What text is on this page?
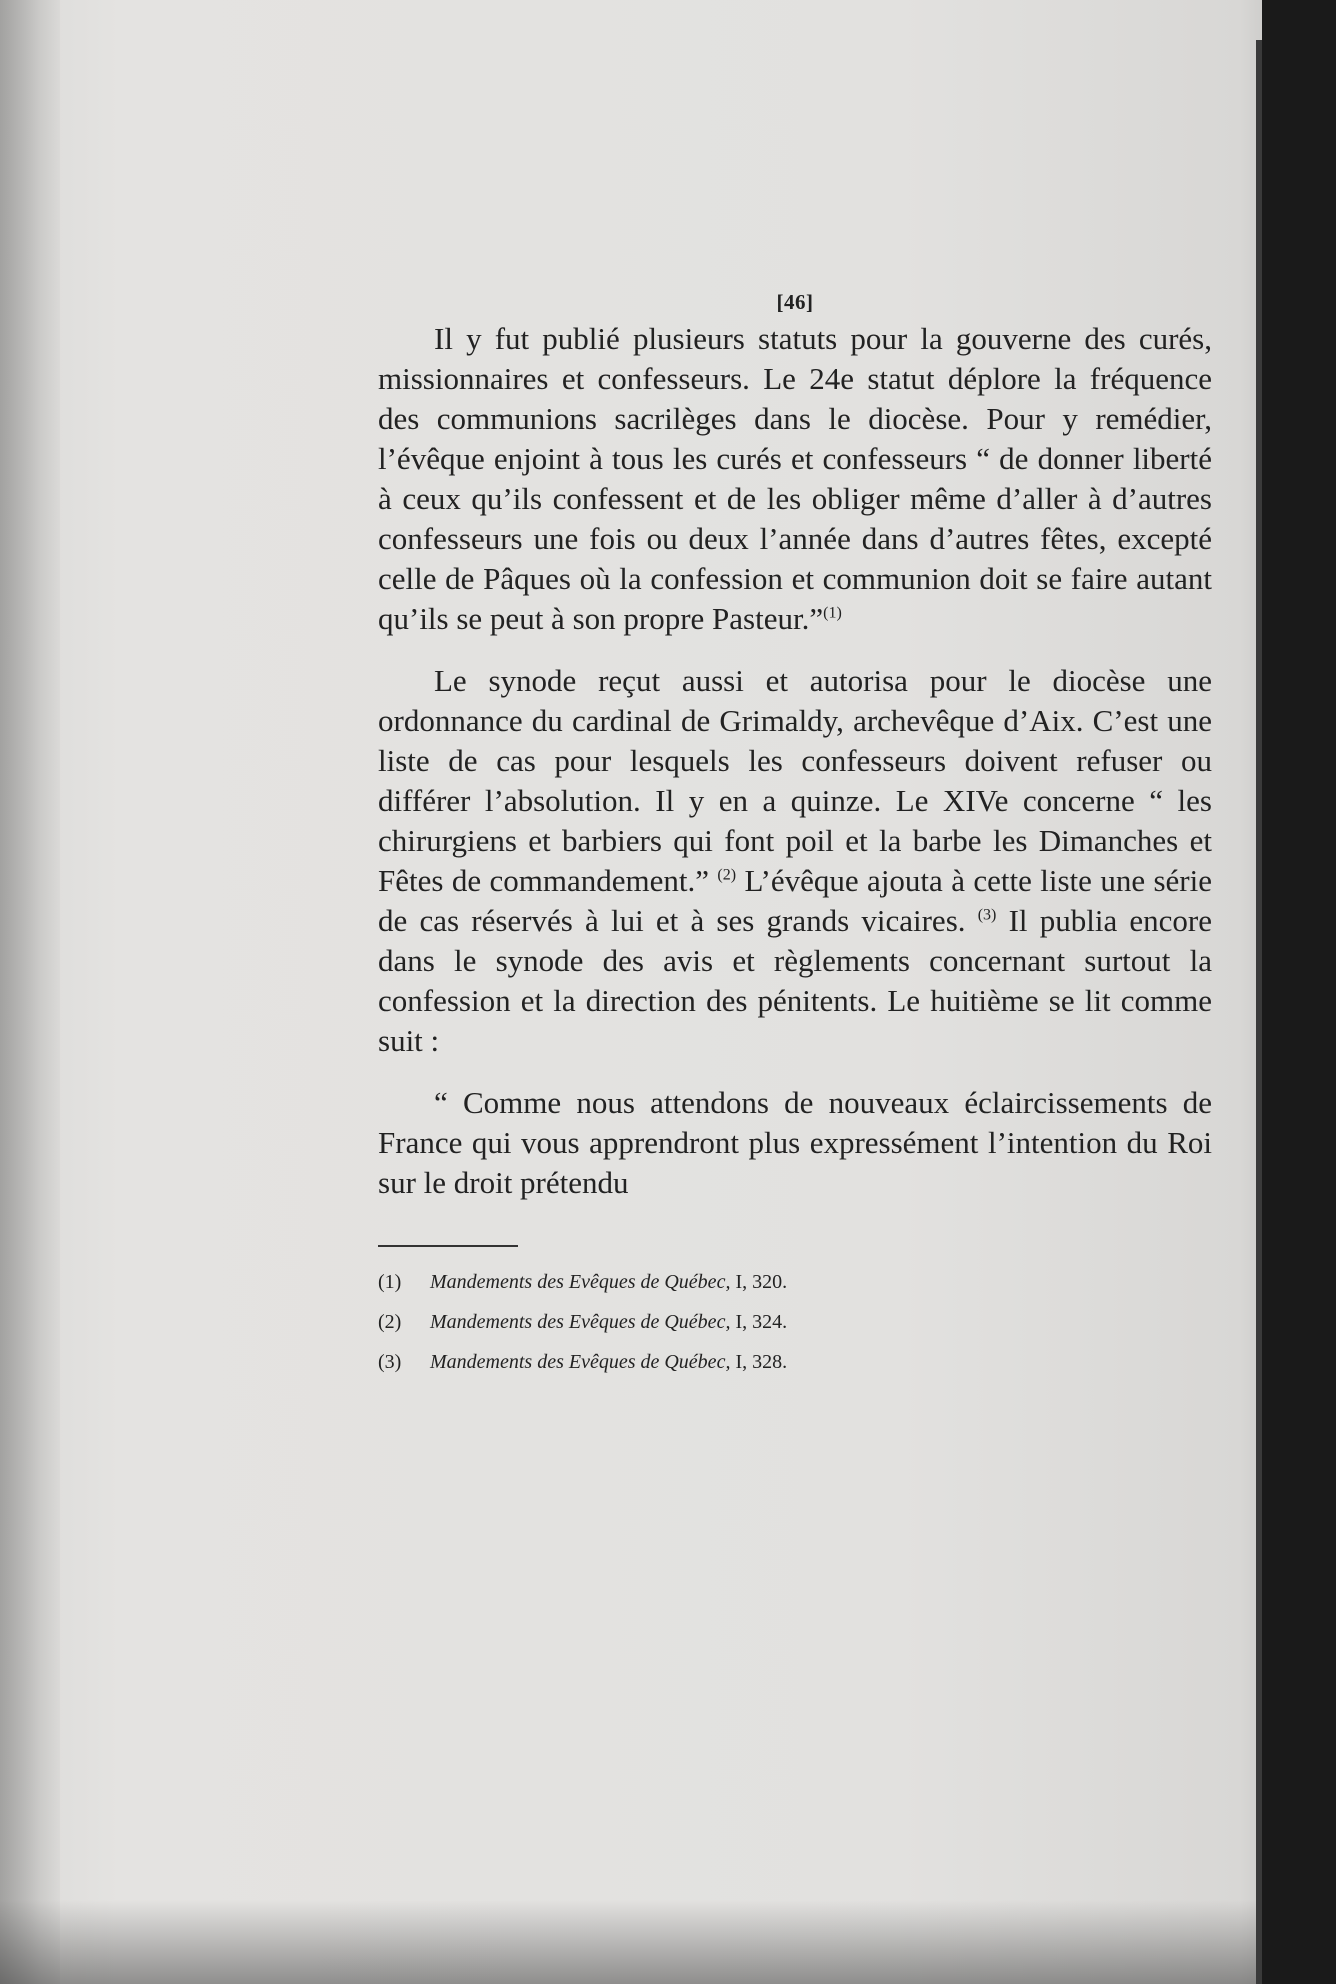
[46]

Il y fut publié plusieurs statuts pour la gouverne des curés, missionnaires et confesseurs. Le 24e statut déplore la fréquence des communions sacrilèges dans le diocèse. Pour y remédier, l’évêque enjoint à tous les curés et confesseurs “ de donner liberté à ceux qu’ils confessent et de les obliger même d’aller à d’autres confesseurs une fois ou deux l’année dans d’autres fêtes, excepté celle de Pâques où la confession et communion doit se faire autant qu’ils se peut à son propre Pasteur.”$^{(1)}$

Le synode reçut aussi et autorisa pour le diocèse une ordonnance du cardinal de Grimaldy, archevêque d’Aix. C’est une liste de cas pour lesquels les confesseurs doivent refuser ou différer l’absolution. Il y en a quinze. Le XIVe concerne “ les chirurgiens et barbiers qui font poil et la barbe les Dimanches et Fêtes de commandement.” $^{(2)}$ L’évêque ajouta à cette liste une série de cas réservés à lui et à ses grands vicaires. $^{(3)}$ Il publia encore dans le synode des avis et règlements concernant surtout la confession et la direction des pénitents. Le huitième se lit comme suit :

“ Comme nous attendons de nouveaux éclaircissements de France qui vous apprendront plus expressément l’intention du Roi sur le droit prétendu

(1) Mandements des Evêques de Québec, I, 320.

(2) Mandements des Evêques de Québec, I, 324.

(3) Mandements des Evêques de Québec, I, 328.
